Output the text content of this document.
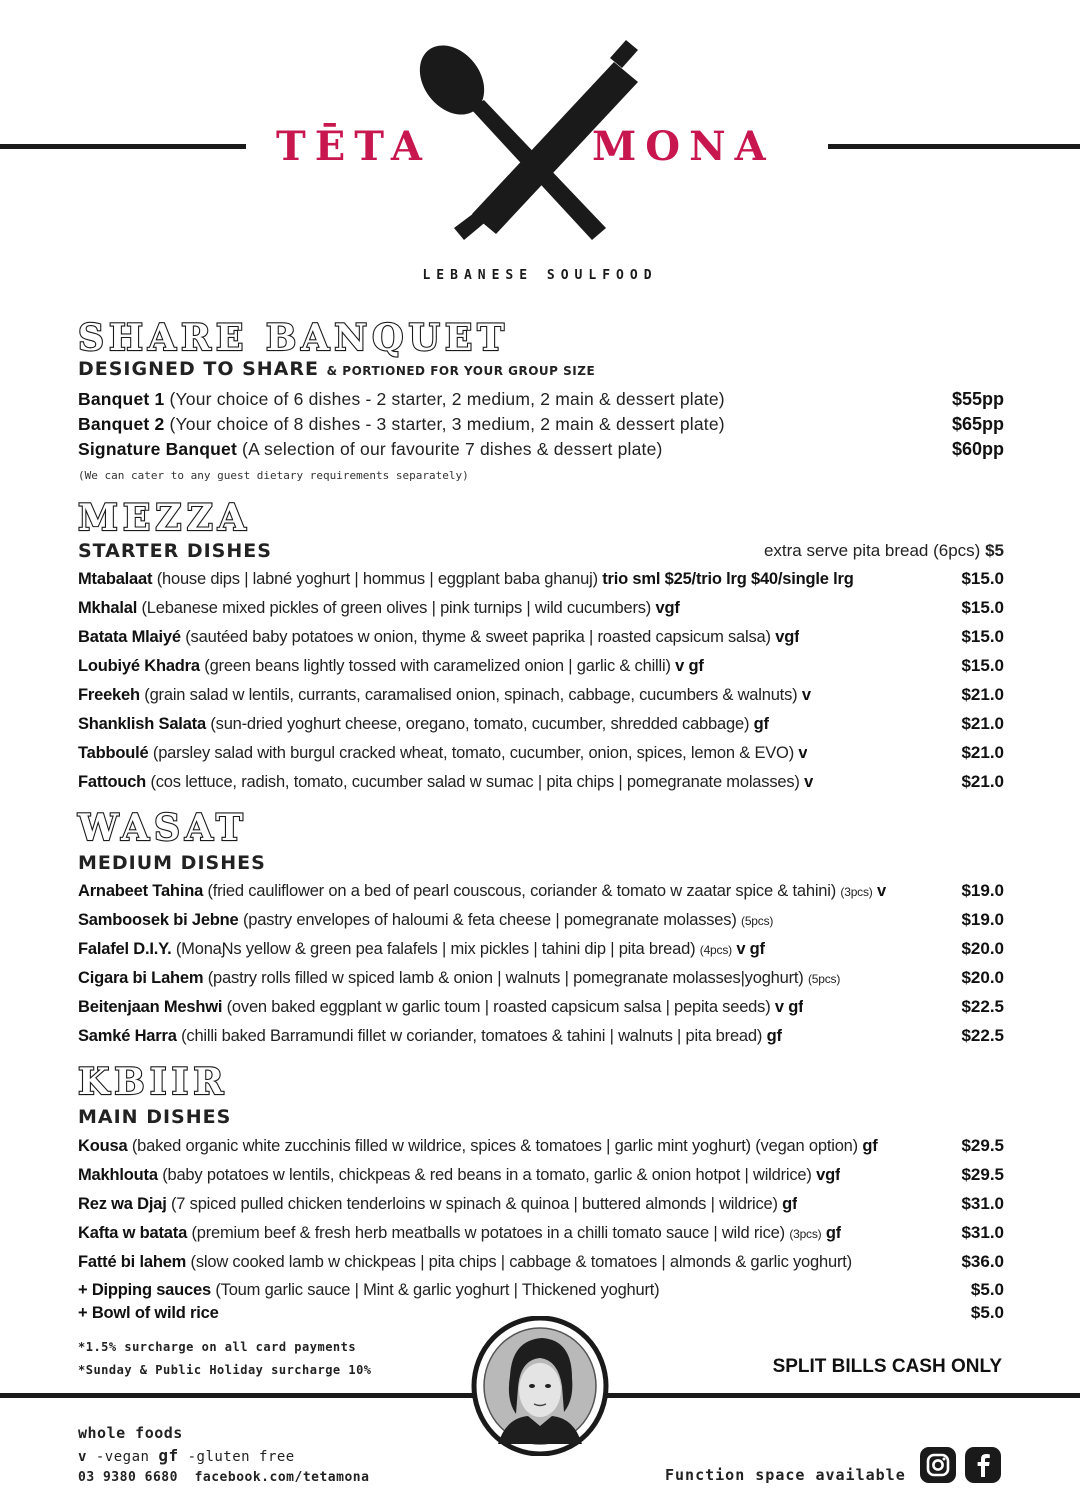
TĒTA	MONA
LEBANESE SOULFOOD
SHARE BANQUET
DESIGNED TO SHARE & PORTIONED FOR YOUR GROUP SIZE
Banquet 1 (Your choice of 6 dishes - 2 starter, 2 medium, 2 main & dessert plate)	$55pp
Banquet 2 (Your choice of 8 dishes - 3 starter, 3 medium, 2 main & dessert plate)	$65pp
Signature Banquet (A selection of our favourite 7 dishes & dessert plate)	$60pp
(We can cater to any guest dietary requirements separately)
MEZZA
STARTER DISHES	extra serve pita bread (6pcs) $5
Mtabalaat (house dips | labné yoghurt | hommus | eggplant baba ghanuj) trio sml $25/trio lrg $40/single lrg	$15.0
Mkhalal (Lebanese mixed pickles of green olives | pink turnips | wild cucumbers) vgf	$15.0
Batata Mlaiyé (sautéed baby potatoes w onion, thyme & sweet paprika | roasted capsicum salsa) vgf	$15.0
Loubiyé Khadra (green beans lightly tossed with caramelized onion | garlic & chilli) v gf	$15.0
Freekeh (grain salad w lentils, currants, caramalised onion, spinach, cabbage, cucumbers & walnuts) v	$21.0
Shanklish Salata (sun-dried yoghurt cheese, oregano, tomato, cucumber, shredded cabbage) gf	$21.0
Tabboulé (parsley salad with burgul cracked wheat, tomato, cucumber, onion, spices, lemon & EVO) v	$21.0
Fattouch (cos lettuce, radish, tomato, cucumber salad w sumac | pita chips | pomegranate molasses) v	$21.0
WASAT
MEDIUM DISHES
Arnabeet Tahina (fried cauliflower on a bed of pearl couscous, coriander & tomato w zaatar spice & tahini) (3pcs) v	$19.0
Samboosek bi Jebne (pastry envelopes of haloumi & feta cheese | pomegranate molasses) (5pcs)	$19.0
Falafel D.I.Y. (MonaƝs yellow & green pea falafels | mix pickles | tahini dip | pita bread) (4pcs) v gf	$20.0
Cigara bi Lahem (pastry rolls filled w spiced lamb & onion | walnuts | pomegranate molasses|yoghurt) (5pcs)	$20.0
Beitenjaan Meshwi (oven baked eggplant w garlic toum | roasted capsicum salsa | pepita seeds) v gf	$22.5
Samké Harra (chilli baked Barramundi fillet w coriander, tomatoes & tahini | walnuts | pita bread) gf	$22.5
KBIIR
MAIN DISHES
Kousa (baked organic white zucchinis filled w wildrice, spices & tomatoes | garlic mint yoghurt) (vegan option) gf	$29.5
Makhlouta (baby potatoes w lentils, chickpeas & red beans in a tomato, garlic & onion hotpot | wildrice) vgf	$29.5
Rez wa Djaj (7 spiced pulled chicken tenderloins w spinach & quinoa | buttered almonds | wildrice) gf	$31.0
Kafta w batata (premium beef & fresh herb meatballs w potatoes in a chilli tomato sauce | wild rice) (3pcs) gf	$31.0
Fatté bi lahem (slow cooked lamb w chickpeas | pita chips | cabbage & tomatoes | almonds & garlic yoghurt)	$36.0
+ Dipping sauces (Toum garlic sauce | Mint & garlic yoghurt | Thickened yoghurt)	$5.0
+ Bowl of wild rice	$5.0
*1.5% surcharge on all card payments
*Sunday & Public Holiday surcharge 10%	SPLIT BILLS CASH ONLY
whole foods
v -vegan gf -gluten free
03 9380 6680  facebook.com/tetamona	Function space available
